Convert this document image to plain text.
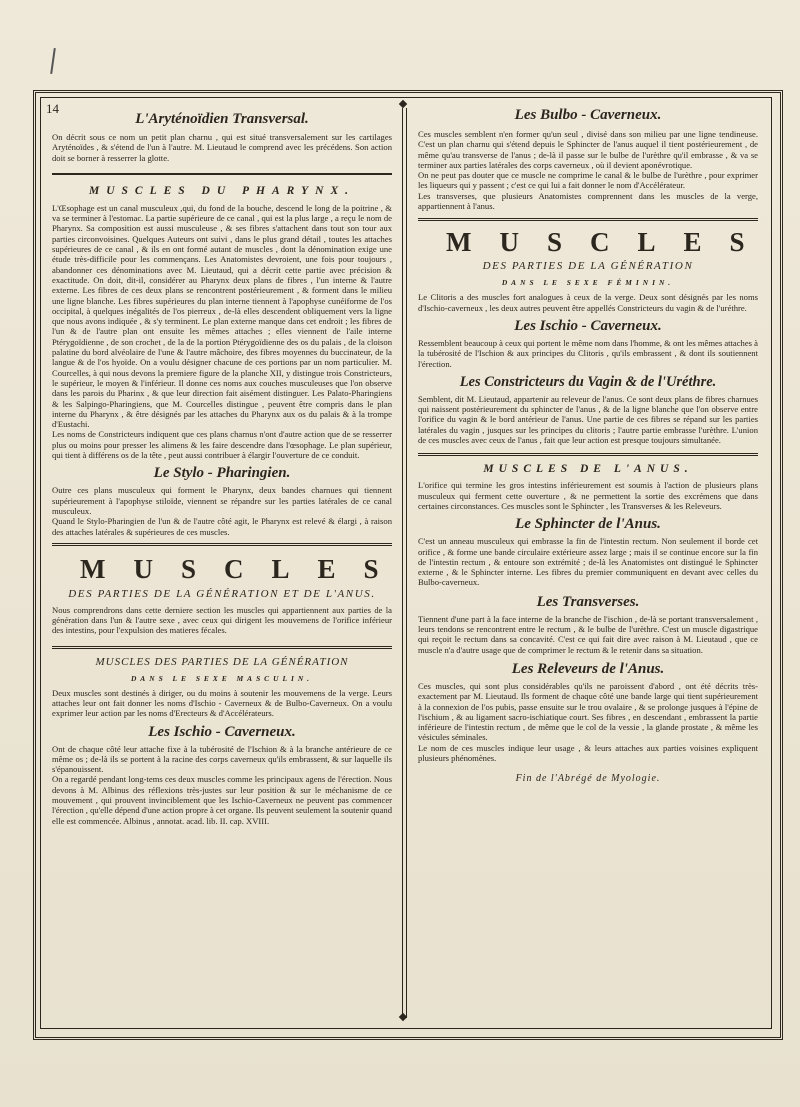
14
L'Aryténoïdien Transversal.

On décrit sous ce nom un petit plan charnu , qui est situé transversalement sur les cartilages Aryténoïdes , & s'étend de l'un à l'autre. M. Lieutaud le comprend avec les précédens. Son action doit se borner à resserrer la glotte.

MUSCLES DU PHARYNX.

L'Œsophage est un canal musculeux ,qui, du fond de la bouche, descend le long de la poitrine , & va se terminer à l'estomac. La partie supérieure de ce canal , qui est la plus large , a reçu le nom de Pharynx. Sa composition est aussi musculeuse , & ses fibres s'attachent dans tout son tour aux parties circonvoisines. Quelques Auteurs ont suivi , dans le plus grand détail , toutes les attaches supérieures de ce canal , & ils en ont formé autant de muscles , dont la dénomination exige une étude très-difficile pour les commençans. Les Anatomistes devroient, une fois pour toujours , abandonner ces dénominations avec M. Lieutaud, qui a décrit cette partie avec précision & exactitude. On doit, dit-il, considérer au Pharynx deux plans de fibres , l'un interne & l'autre externe. Les fibres de ces deux plans se rencontrent postérieurement , & forment dans le milieu une ligne blanche. Les fibres supérieures du plan interne tiennent à l'apophyse cunéiforme de l'os occipital, à quelques inégalités de l'os pierreux , de-là elles descendent obliquement vers la ligne que nous avons indiquée , & s'y terminent. Le plan externe manque dans cet endroit ; les fibres de l'un & de l'autre plan ont ensuite les mêmes attaches ; elles viennent de l'aile interne Ptérygoïdienne , de son crochet , de la de la portion Ptérygoïdienne des os du palais , de la cloison palatine du bord alvéolaire de l'une & l'autre mâchoire, des fibres moyennes du buccinateur, de la langue & de l'os hyoïde. On a voulu désigner chacune de ces portions par un nom particulier. M. Courcelles, à qui nous devons la premiere figure de la planche XII, y distingue trois Constricteurs, le supérieur, le moyen & l'inférieur. Il donne ces noms aux couches musculeuses que l'on observe dans les parois du Pharinx , & que leur direction fait aisément distinguer. Les Palato-Pharingiens & les Salpingo-Pharingiens, que M. Courcelles distingue , peuvent être compris dans le plan interne du Pharynx , & être désignés par les attaches du Pharynx aux os du palais & à la trompe d'Eustachi.

Les noms de Constricteurs indiquent que ces plans charnus n'ont d'autre action que de se resserrer plus ou moins pour presser les alimens & les faire descendre dans l'œsophage. Le plan supérieur, qui tient à différens os de la tête , peut aussi contribuer à élargir l'ouverture de ce conduit.

Le Stylo - Pharingien.

Outre ces plans musculeux qui forment le Pharynx, deux bandes charnues qui tiennent supérieurement à l'apophyse stiloïde, viennent se répandre sur les parties latérales de ce canal musculeux.

Quand le Stylo-Pharingien de l'un & de l'autre côté agit, le Pharynx est relevé & élargi , à raison des attaches latérales & supérieures de ces muscles.

MUSCLES
DES PARTIES DE LA GÉNÉRATION ET DE L'ANUS.

Nous comprendrons dans cette derniere section les muscles qui appartiennent aux parties de la génération dans l'un & l'autre sexe , avec ceux qui dirigent les mouvemens de l'orifice inférieur des intestins, pour l'expulsion des matieres fécales.

MUSCLES DES PARTIES DE LA GÉNÉRATION
DANS LE SEXE MASCULIN.

Deux muscles sont destinés à diriger, ou du moins à soutenir les mouvemens de la verge. Leurs attaches leur ont fait donner les noms d'Ischio - Caverneux & de Bulbo-Caverneux. On a voulu exprimer leur action par les noms d'Erecteurs & d'Accélérateurs.

Les Ischio - Caverneux.

Ont de chaque côté leur attache fixe à la tubérosité de l'Ischion & à la branche antérieure de ce même os ; de-là ils se portent à la racine des corps caverneux qu'ils embrassent, & sur laquelle ils s'épanouissent.

On a regardé pendant long-tems ces deux muscles comme les principaux agens de l'érection. Nous devons à M. Albinus des réflexions très-justes sur leur position & sur le méchanisme de ce mouvement , qui prouvent invinciblement que les Ischio-Caverneux ne peuvent pas commencer l'érection , qu'elle dépend d'une action propre à cet organe. Ils peuvent seulement la soutenir quand elle est commencée. Albinus , annotat. acad. lib. II. cap. XVIII.

Les Bulbo - Caverneux.

Ces muscles semblent n'en former qu'un seul , divisé dans son milieu par une ligne tendineuse. C'est un plan charnu qui s'étend depuis le Sphincter de l'anus auquel il tient postérieurement , de même qu'au transverse de l'anus ; de-là il passe sur le bulbe de l'urèthre qu'il embrasse , & va se terminer aux parties latérales des corps caverneux , où il devient aponévrotique.

On ne peut pas douter que ce muscle ne comprime le canal & le bulbe de l'urèthre , pour exprimer les liqueurs qui y passent ; c'est ce qui lui a fait donner le nom d'Accélérateur.

Les transverses, que plusieurs Anatomistes comprennent dans les muscles de la verge, appartiennent à l'anus.

MUSCLES
DES PARTIES DE LA GÉNÉRATION
DANS LE SEXE FÉMININ.

Le Clitoris a des muscles fort analogues à ceux de la verge. Deux sont désignés par les noms d'Ischio-caverneux , les deux autres peuvent être appellés Constricteurs du vagin & de l'uréthre.

Les Ischio - Caverneux.

Ressemblent beaucoup à ceux qui portent le même nom dans l'homme, & ont les mêmes attaches à la tubérosité de l'Ischion & aux principes du Clitoris , qu'ils embrassent , & dont ils soutiennent l'érection.

Les Constricteurs du Vagin & de l'Uréthre.

Semblent, dit M. Lieutaud, appartenir au releveur de l'anus. Ce sont deux plans de fibres charnues qui naissent postérieurement du sphincter de l'anus , & de la ligne blanche que l'on observe entre l'orifice du vagin & le bord antérieur de l'anus. Une partie de ces fibres se répand sur les parties latérales du vagin , jusques sur les principes du clitoris ; l'autre partie embrasse l'urèthre. L'union de ces muscles avec ceux de l'anus , fait que leur action est presque toujours simultanée.

MUSCLES DE L'ANUS.

L'orifice qui termine les gros intestins inférieurement est soumis à l'action de plusieurs plans musculeux qui ferment cette ouverture , & ne permettent la sortie des excrémens que dans certaines circonstances. Ces muscles sont le Sphincter , les Transverses & les Releveurs.

Le Sphincter de l'Anus.

C'est un anneau musculeux qui embrasse la fin de l'intestin rectum. Non seulement il borde cet orifice , & forme une bande circulaire extérieure assez large ; mais il se continue encore sur la fin de l'intestin rectum , & entoure son extrémité ; de-là les Anatomistes ont distingué le Sphincter externe , & le Sphincter interne. Les fibres du premier communiquent en devant avec celles du Bulbo-caverneux.

Les Transverses.

Tiennent d'une part à la face interne de la branche de l'ischion , de-là se portant transversalement , leurs tendons se rencontrent entre le rectum , & le bulbe de l'urèthre. C'est un muscle digastrique qui reçoit le rectum dans sa concavité. C'est ce qui fait dire avec raison à M. Lieutaud , que ce muscle n'a d'autre usage que de comprimer le rectum & le retenir dans sa situation.

Les Releveurs de l'Anus.

Ces muscles, qui sont plus considérables qu'ils ne paroissent d'abord , ont été décrits très-exactement par M. Lieutaud. Ils forment de chaque côté une bande large qui tient supérieurement à la connexion de l'os pubis, passe ensuite sur le trou ovalaire , & se prolonge jusques à l'épine de l'ischium , & au ligament sacro-ischiatique court. Ses fibres , en descendant , embrassent la partie inférieure de l'intestin rectum , de même que le col de la vessie , la glande prostate , & même les vésicules séminales.

Le nom de ces muscles indique leur usage , & leurs attaches aux parties voisines expliquent plusieurs phénomènes.

Fin de l'Abrégé de Myologie.
